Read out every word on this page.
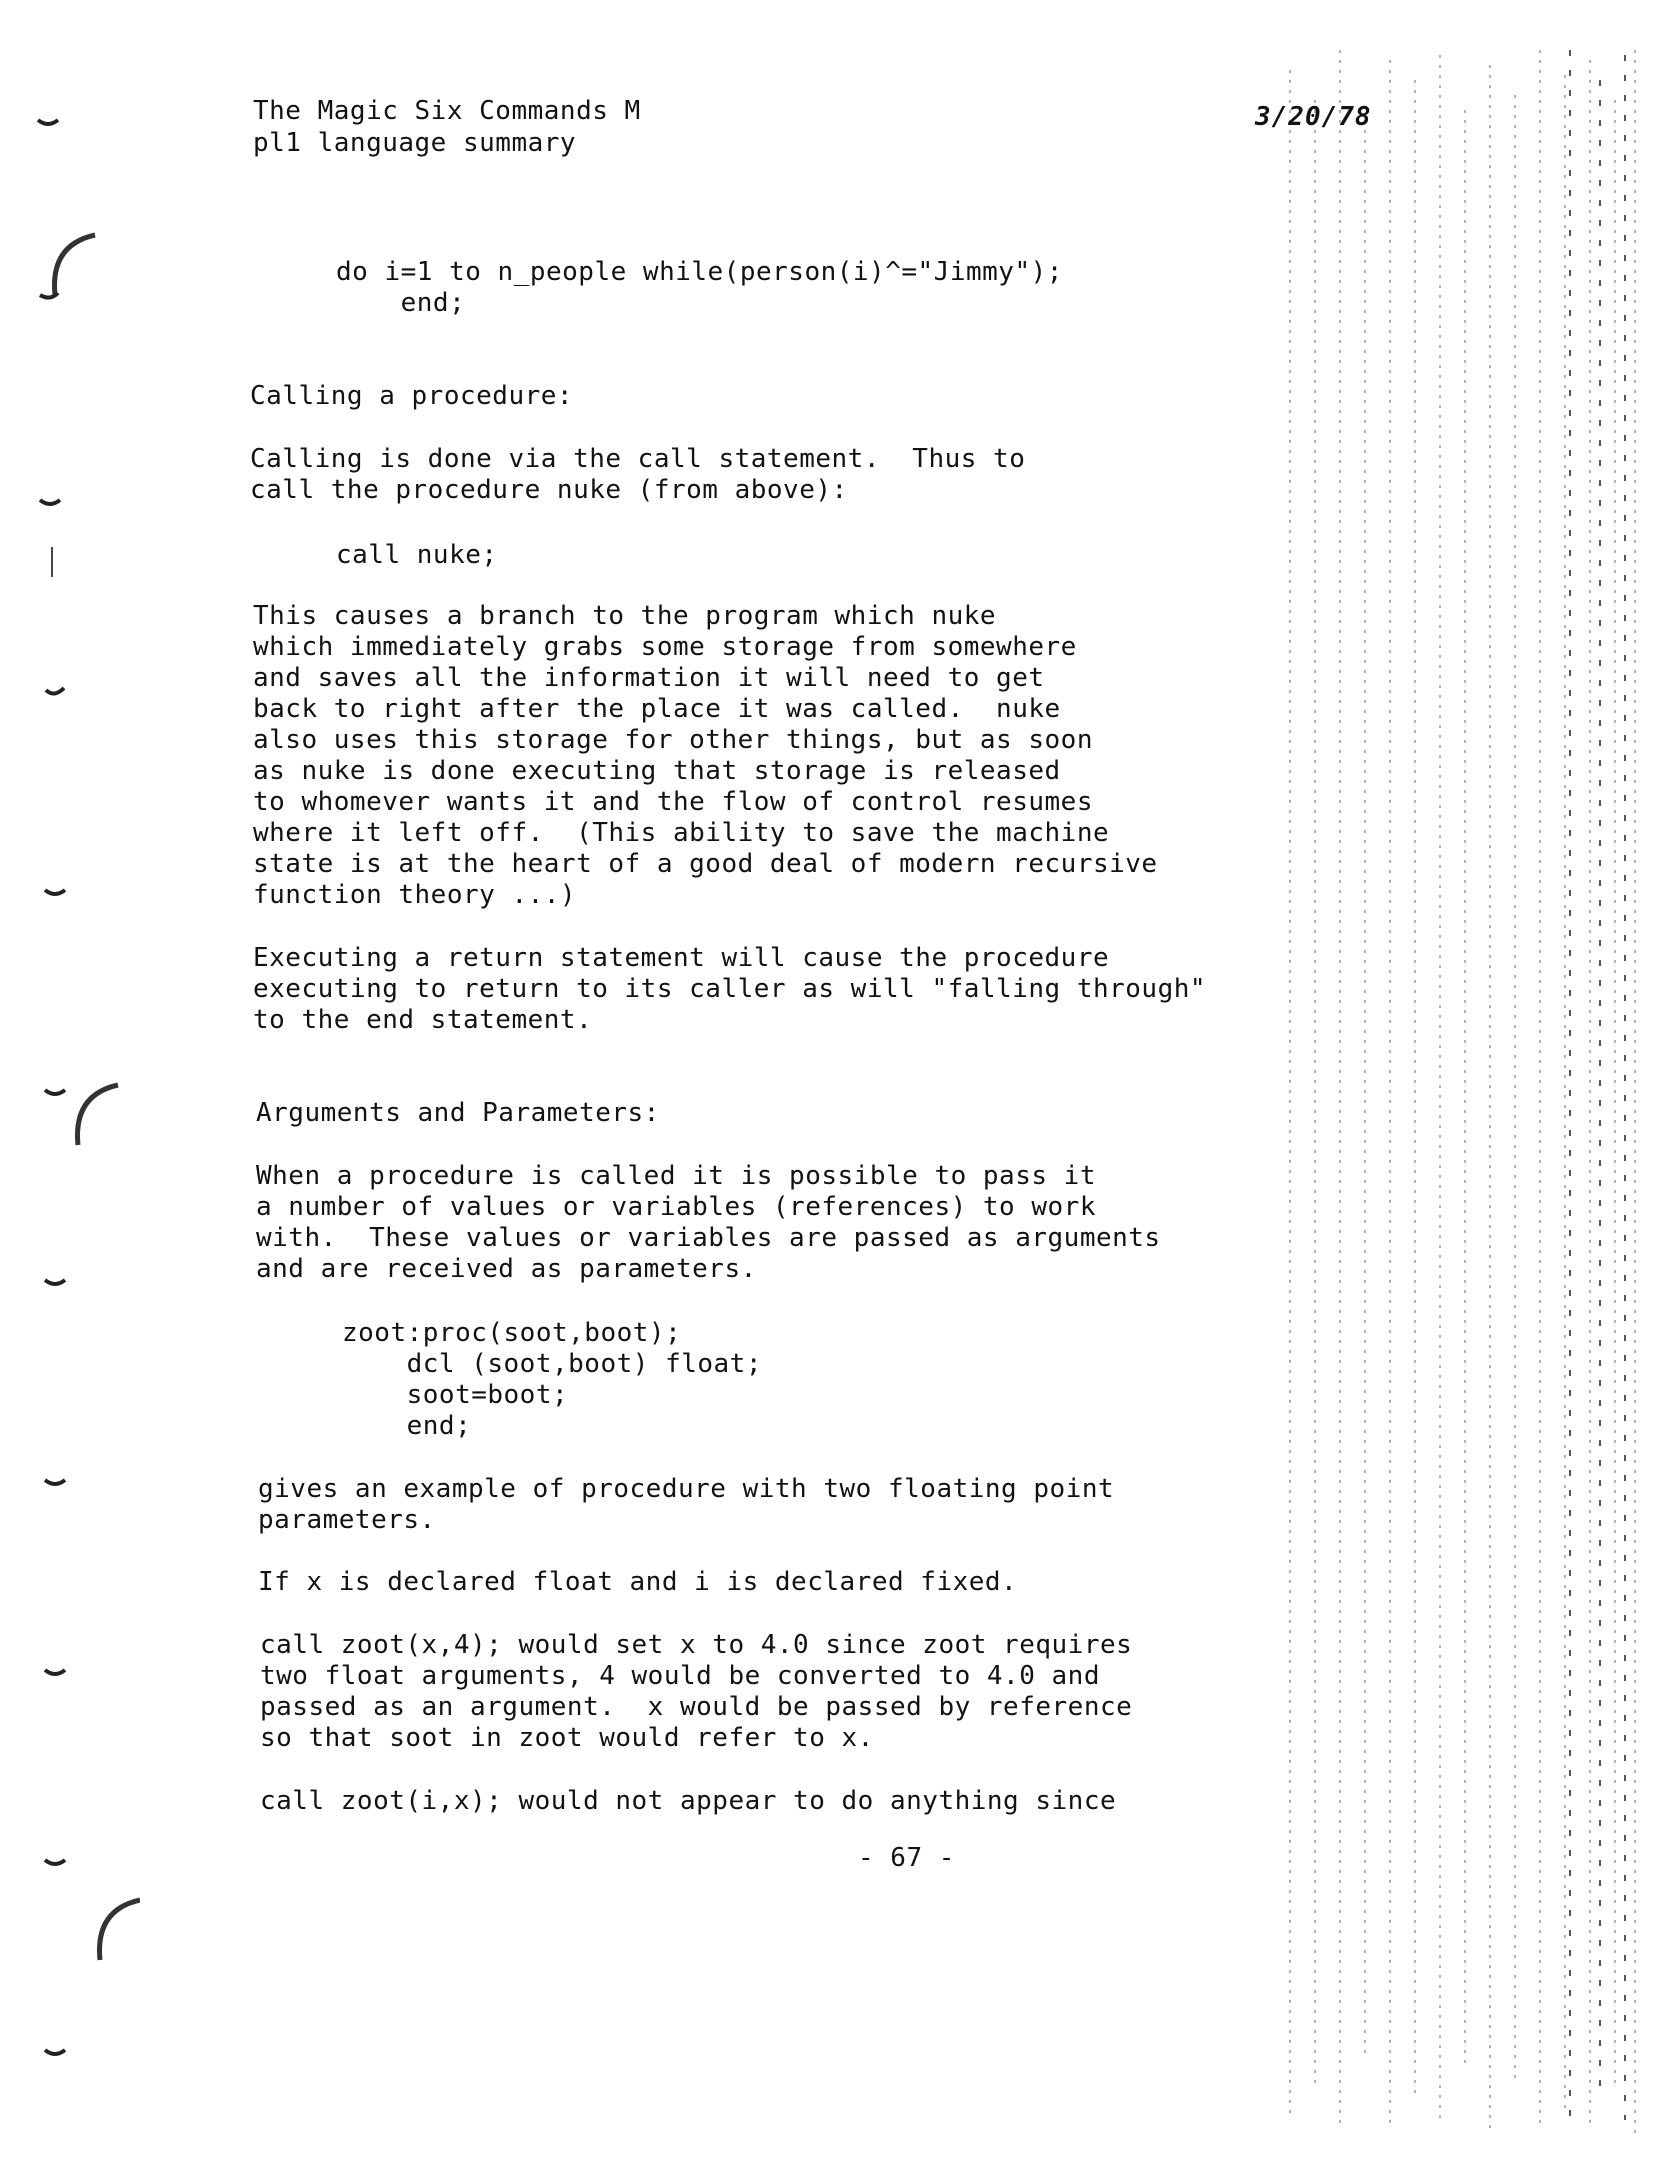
The Magic Six Commands M
pl1 language summary
3/20/78
do i=1 to n_people while(person(i)^="Jimmy");
end;
Calling a procedure:
Calling is done via the call statement.  Thus to
call the procedure nuke (from above):
call nuke;
This causes a branch to the program which nuke
which immediately grabs some storage from somewhere
and saves all the information it will need to get
back to right after the place it was called.  nuke
also uses this storage for other things, but as soon
as nuke is done executing that storage is released
to whomever wants it and the flow of control resumes
where it left off.  (This ability to save the machine
state is at the heart of a good deal of modern recursive
function theory ...)
Executing a return statement will cause the procedure
executing to return to its caller as will "falling through"
to the end statement.
Arguments and Parameters:
When a procedure is called it is possible to pass it
a number of values or variables (references) to work
with.  These values or variables are passed as arguments
and are received as parameters.
zoot:proc(soot,boot);
dcl (soot,boot) float;
soot=boot;
end;
gives an example of procedure with two floating point
parameters.
If x is declared float and i is declared fixed.
call zoot(x,4); would set x to 4.0 since zoot requires
two float arguments, 4 would be converted to 4.0 and
passed as an argument.  x would be passed by reference
so that soot in zoot would refer to x.
call zoot(i,x); would not appear to do anything since
- 67 -
